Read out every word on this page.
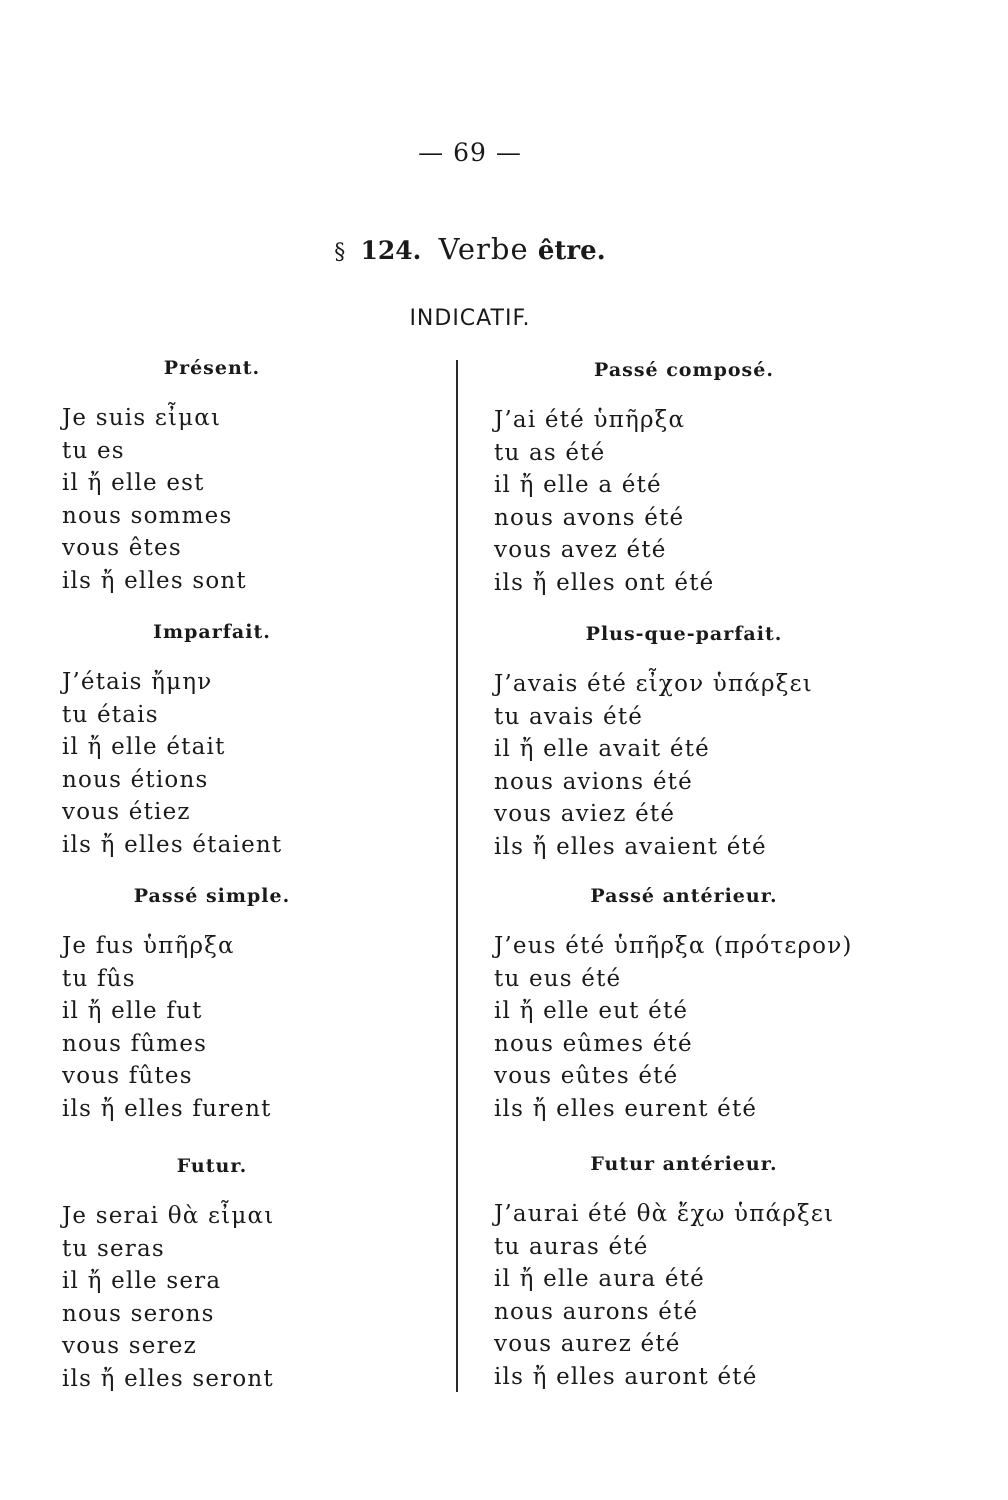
— 69 —
§ 124. Verbe être.
INDICATIF.
Présent.
Je suis εἶμαι
tu es
il ἤ elle est
nous sommes
vous êtes
ils ἤ elles sont
Passé composé.
J’ai été ὑπῆρξα
tu as été
il ἤ elle a été
nous avons été
vous avez été
ils ἤ elles ont été
Imparfait.
J’étais ἤμην
tu étais
il ἤ elle était
nous étions
vous étiez
ils ἤ elles étaient
Plus-que-parfait.
J’avais été εἶχον ὑπάρξει
tu avais été
il ἤ elle avait été
nous avions été
vous aviez été
ils ἤ elles avaient été
Passé simple.
Je fus ὑπῆρξα
tu fûs
il ἤ elle fut
nous fûmes
vous fûtes
ils ἤ elles furent
Passé antérieur.
J’eus été ὑπῆρξα (πρότερον)
tu eus été
il ἤ elle eut été
nous eûmes été
vous eûtes été
ils ἤ elles eurent été
Futur.
Je serai θὰ εἶμαι
tu seras
il ἤ elle sera
nous serons
vous serez
ils ἤ elles seront
Futur antérieur.
J’aurai été θὰ ἔχω ὑπάρξει
tu auras été
il ἤ elle aura été
nous aurons été
vous aurez été
ils ἤ elles auront été
